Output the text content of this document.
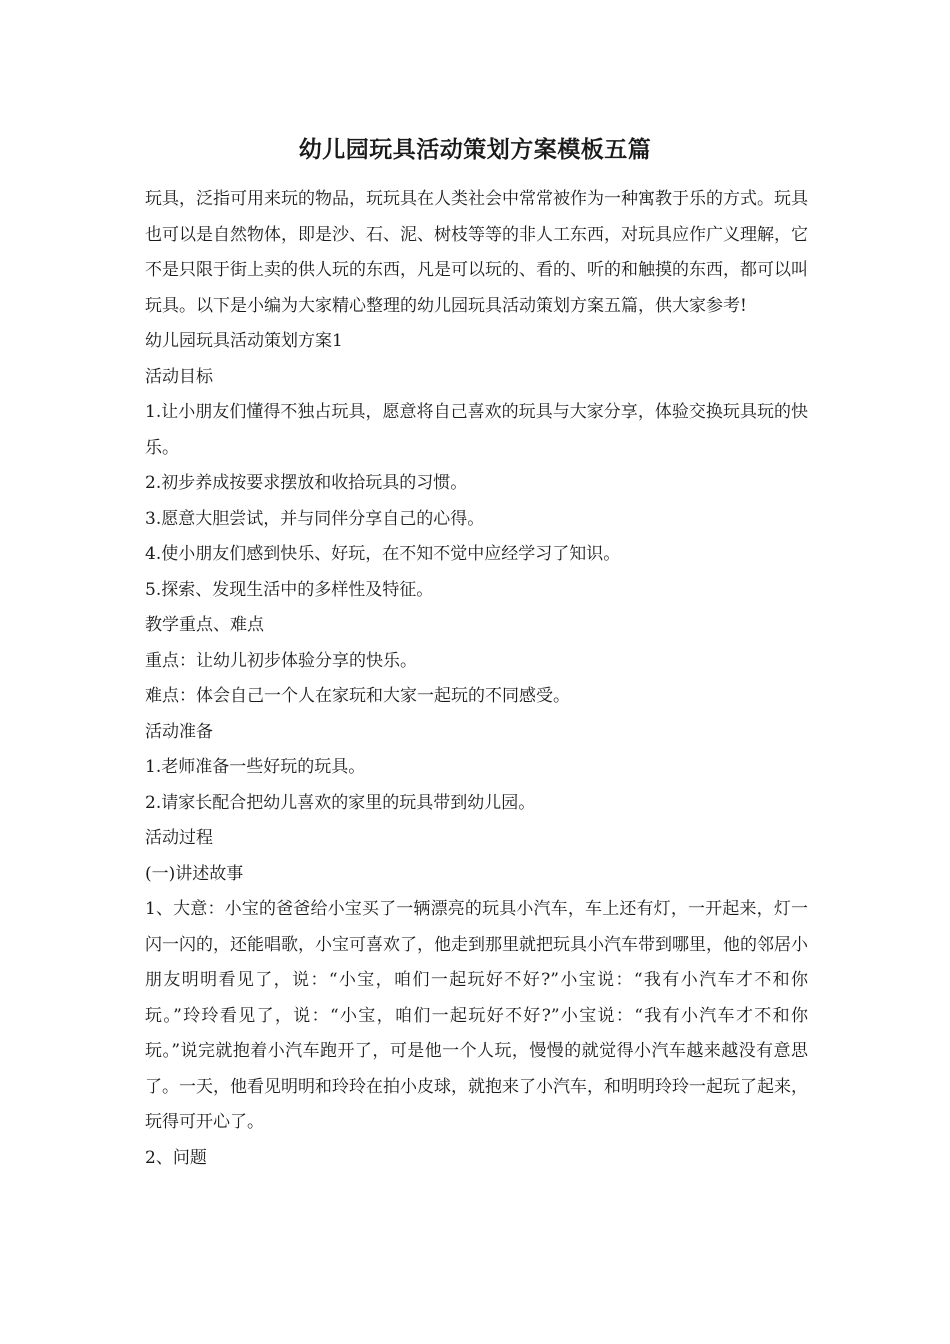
幼儿园玩具活动策划方案模板五篇

玩具，泛指可用来玩的物品，玩玩具在人类社会中常常被作为一种寓教于乐的方式。玩具也可以是自然物体，即是沙、石、泥、树枝等等的非人工东西，对玩具应作广义理解，它不是只限于街上卖的供人玩的东西，凡是可以玩的、看的、听的和触摸的东西，都可以叫玩具。以下是小编为大家精心整理的幼儿园玩具活动策划方案五篇，供大家参考!

幼儿园玩具活动策划方案1

活动目标

1.让小朋友们懂得不独占玩具，愿意将自己喜欢的玩具与大家分享，体验交换玩具玩的快乐。

2.初步养成按要求摆放和收拾玩具的习惯。

3.愿意大胆尝试，并与同伴分享自己的心得。

4.使小朋友们感到快乐、好玩，在不知不觉中应经学习了知识。

5.探索、发现生活中的多样性及特征。

教学重点、难点

重点：让幼儿初步体验分享的快乐。

难点：体会自己一个人在家玩和大家一起玩的不同感受。

活动准备

1.老师准备一些好玩的玩具。

2.请家长配合把幼儿喜欢的家里的玩具带到幼儿园。

活动过程

(一)讲述故事

1、大意：小宝的爸爸给小宝买了一辆漂亮的玩具小汽车，车上还有灯，一开起来，灯一闪一闪的，还能唱歌，小宝可喜欢了，他走到那里就把玩具小汽车带到哪里，他的邻居小朋友明明看见了，说：“小宝，咱们一起玩好不好?”小宝说：“我有小汽车才不和你玩。”玲玲看见了，说：“小宝，咱们一起玩好不好?”小宝说：“我有小汽车才不和你玩。”说完就抱着小汽车跑开了，可是他一个人玩，慢慢的就觉得小汽车越来越没有意思了。一天，他看见明明和玲玲在拍小皮球，就抱来了小汽车，和明明玲玲一起玩了起来，玩得可开心了。

2、问题
